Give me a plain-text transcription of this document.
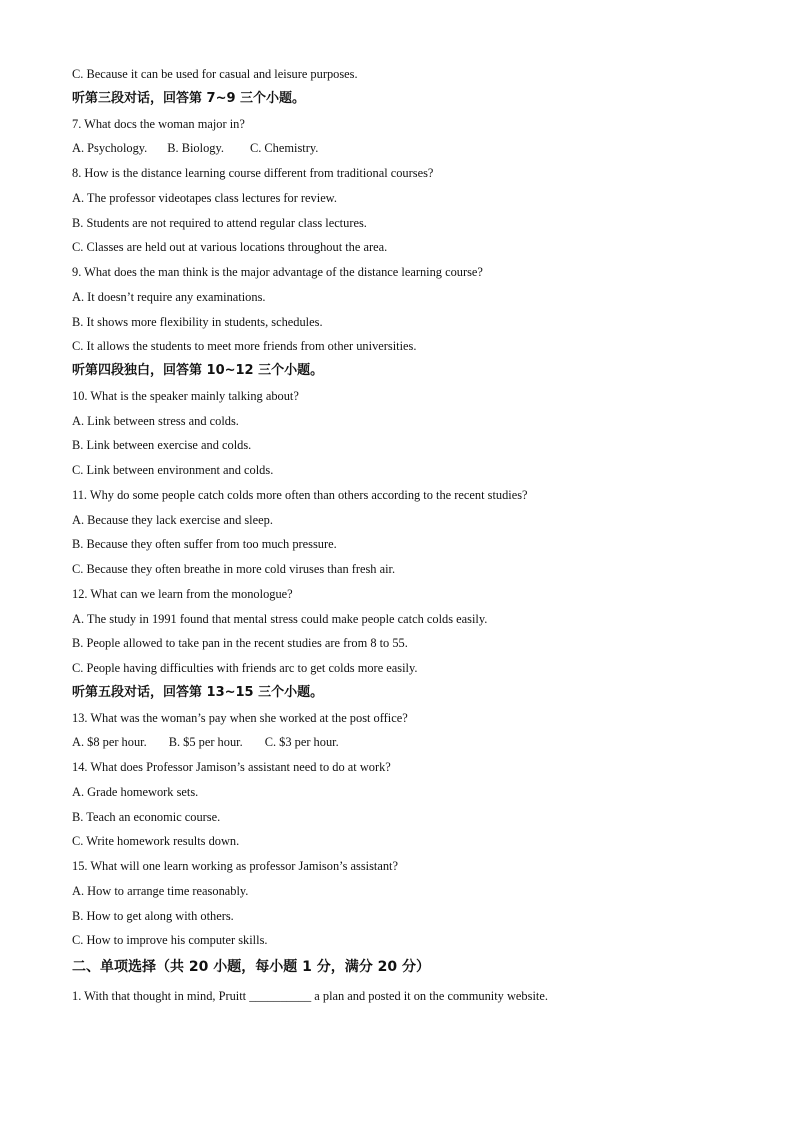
C. Because it can be used for casual and leisure purposes.
听第三段对话，回答第 7~9 三个小题。
7. What docs the woman major in?
A. Psychology. B. Biology. C. Chemistry.
8. How is the distance learning course different from traditional courses?
A. The professor videotapes class lectures for review.
B. Students are not required to attend regular class lectures.
C. Classes are held out at various locations throughout the area.
9. What does the man think is the major advantage of the distance learning course?
A. It doesn’t require any examinations.
B. It shows more flexibility in students, schedules.
C. It allows the students to meet more friends from other universities.
听第四段独白，回答第 10~12 三个小题。
10. What is the speaker mainly talking about?
A. Link between stress and colds.
B. Link between exercise and colds.
C. Link between environment and colds.
11. Why do some people catch colds more often than others according to the recent studies?
A. Because they lack exercise and sleep.
B. Because they often suffer from too much pressure.
C. Because they often breathe in more cold viruses than fresh air.
12. What can we learn from the monologue?
A. The study in 1991 found that mental stress could make people catch colds easily.
B. People allowed to take pan in the recent studies are from 8 to 55.
C. People having difficulties with friends arc to get colds more easily.
听第五段对话，回答第 13~15 三个小题。
13. What was the woman’s pay when she worked at the post office?
A. $8 per hour. B. $5 per hour. C. $3 per hour.
14. What does Professor Jamison’s assistant need to do at work?
A. Grade homework sets.
B. Teach an economic course.
C. Write homework results down.
15. What will one learn working as professor Jamison’s assistant?
A. How to arrange time reasonably.
B. How to get along with others.
C. How to improve his computer skills.
二、单项选择（共 20 小题，每小题 1 分，满分 20 分）
1. With that thought in mind, Pruitt __________ a plan and posted it on the community website.
